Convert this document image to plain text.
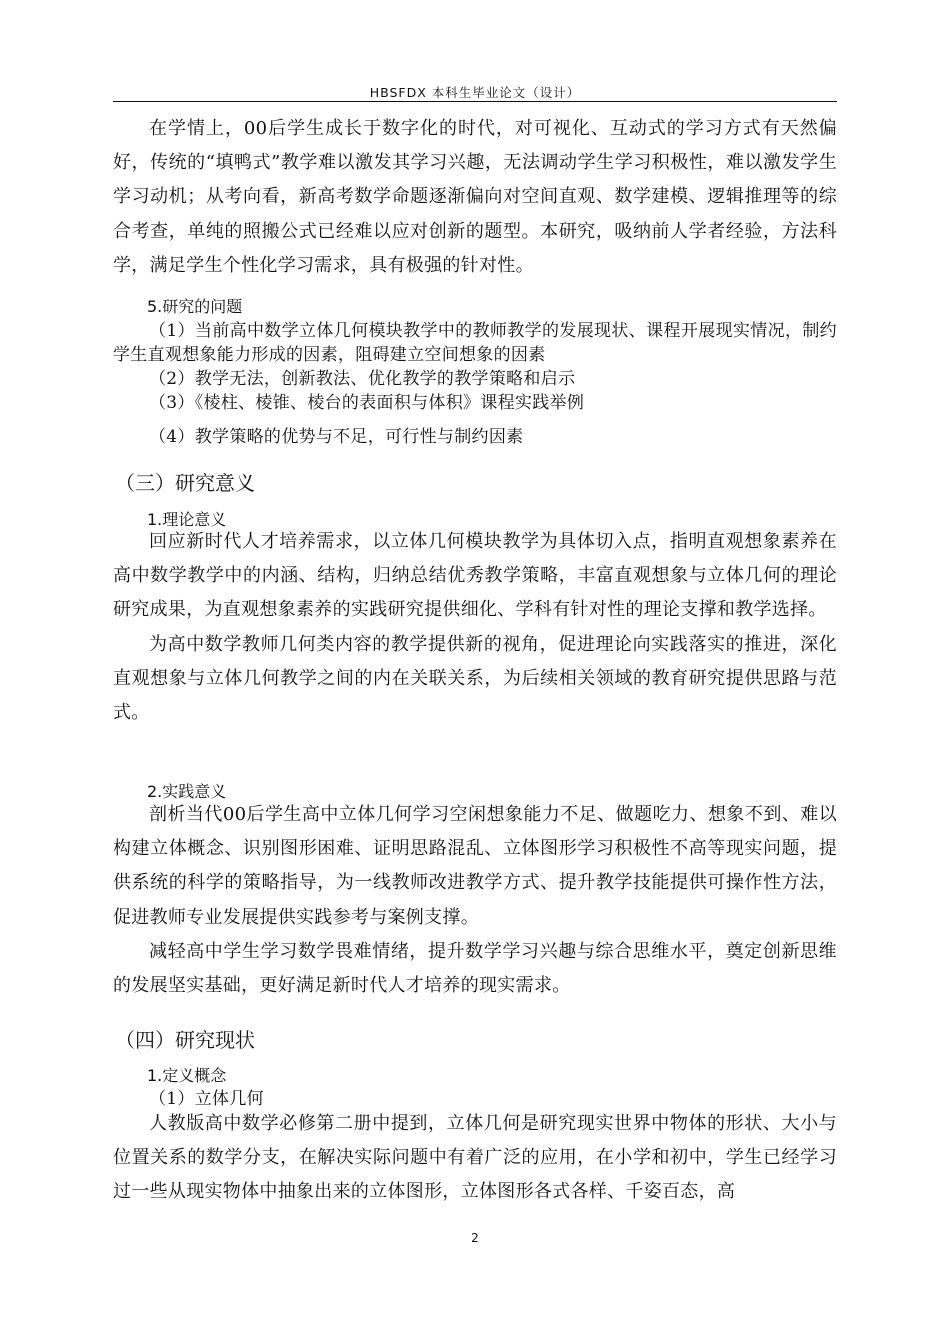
HBSFDX 本科生毕业论文（设计）

在学情上，00后学生成长于数字化的时代，对可视化、互动式的学习方式有天然偏好，传统的“填鸭式”教学难以激发其学习兴趣，无法调动学生学习积极性，难以激发学生学习动机；从考向看，新高考数学命题逐渐偏向对空间直观、数学建模、逻辑推理等的综合考查，单纯的照搬公式已经难以应对创新的题型。本研究，吸纳前人学者经验，方法科学，满足学生个性化学习需求，具有极强的针对性。

5.研究的问题

（1）当前高中数学立体几何模块教学中的教师教学的发展现状、课程开展现实情况，制约学生直观想象能力形成的因素，阻碍建立空间想象的因素

（2）教学无法，创新教法、优化教学的教学策略和启示

（3）《棱柱、棱锥、棱台的表面积与体积》课程实践举例

（4）教学策略的优势与不足，可行性与制约因素

（三）研究意义

1.理论意义

回应新时代人才培养需求，以立体几何模块教学为具体切入点，指明直观想象素养在高中数学教学中的内涵、结构，归纳总结优秀教学策略，丰富直观想象与立体几何的理论研究成果，为直观想象素养的实践研究提供细化、学科有针对性的理论支撑和教学选择。

为高中数学教师几何类内容的教学提供新的视角，促进理论向实践落实的推进，深化直观想象与立体几何教学之间的内在关联关系，为后续相关领域的教育研究提供思路与范式。

2.实践意义

剖析当代00后学生高中立体几何学习空闲想象能力不足、做题吃力、想象不到、难以构建立体概念、识别图形困难、证明思路混乱、立体图形学习积极性不高等现实问题，提供系统的科学的策略指导，为一线教师改进教学方式、提升教学技能提供可操作性方法，促进教师专业发展提供实践参考与案例支撑。

减轻高中学生学习数学畏难情绪，提升数学学习兴趣与综合思维水平，奠定创新思维的发展坚实基础，更好满足新时代人才培养的现实需求。

（四）研究现状

1.定义概念

（1）立体几何

人教版高中数学必修第二册中提到，立体几何是研究现实世界中物体的形状、大小与位置关系的数学分支，在解决实际问题中有着广泛的应用，在小学和初中，学生已经学习过一些从现实物体中抽象出来的立体图形，立体图形各式各样、千姿百态，高

2
